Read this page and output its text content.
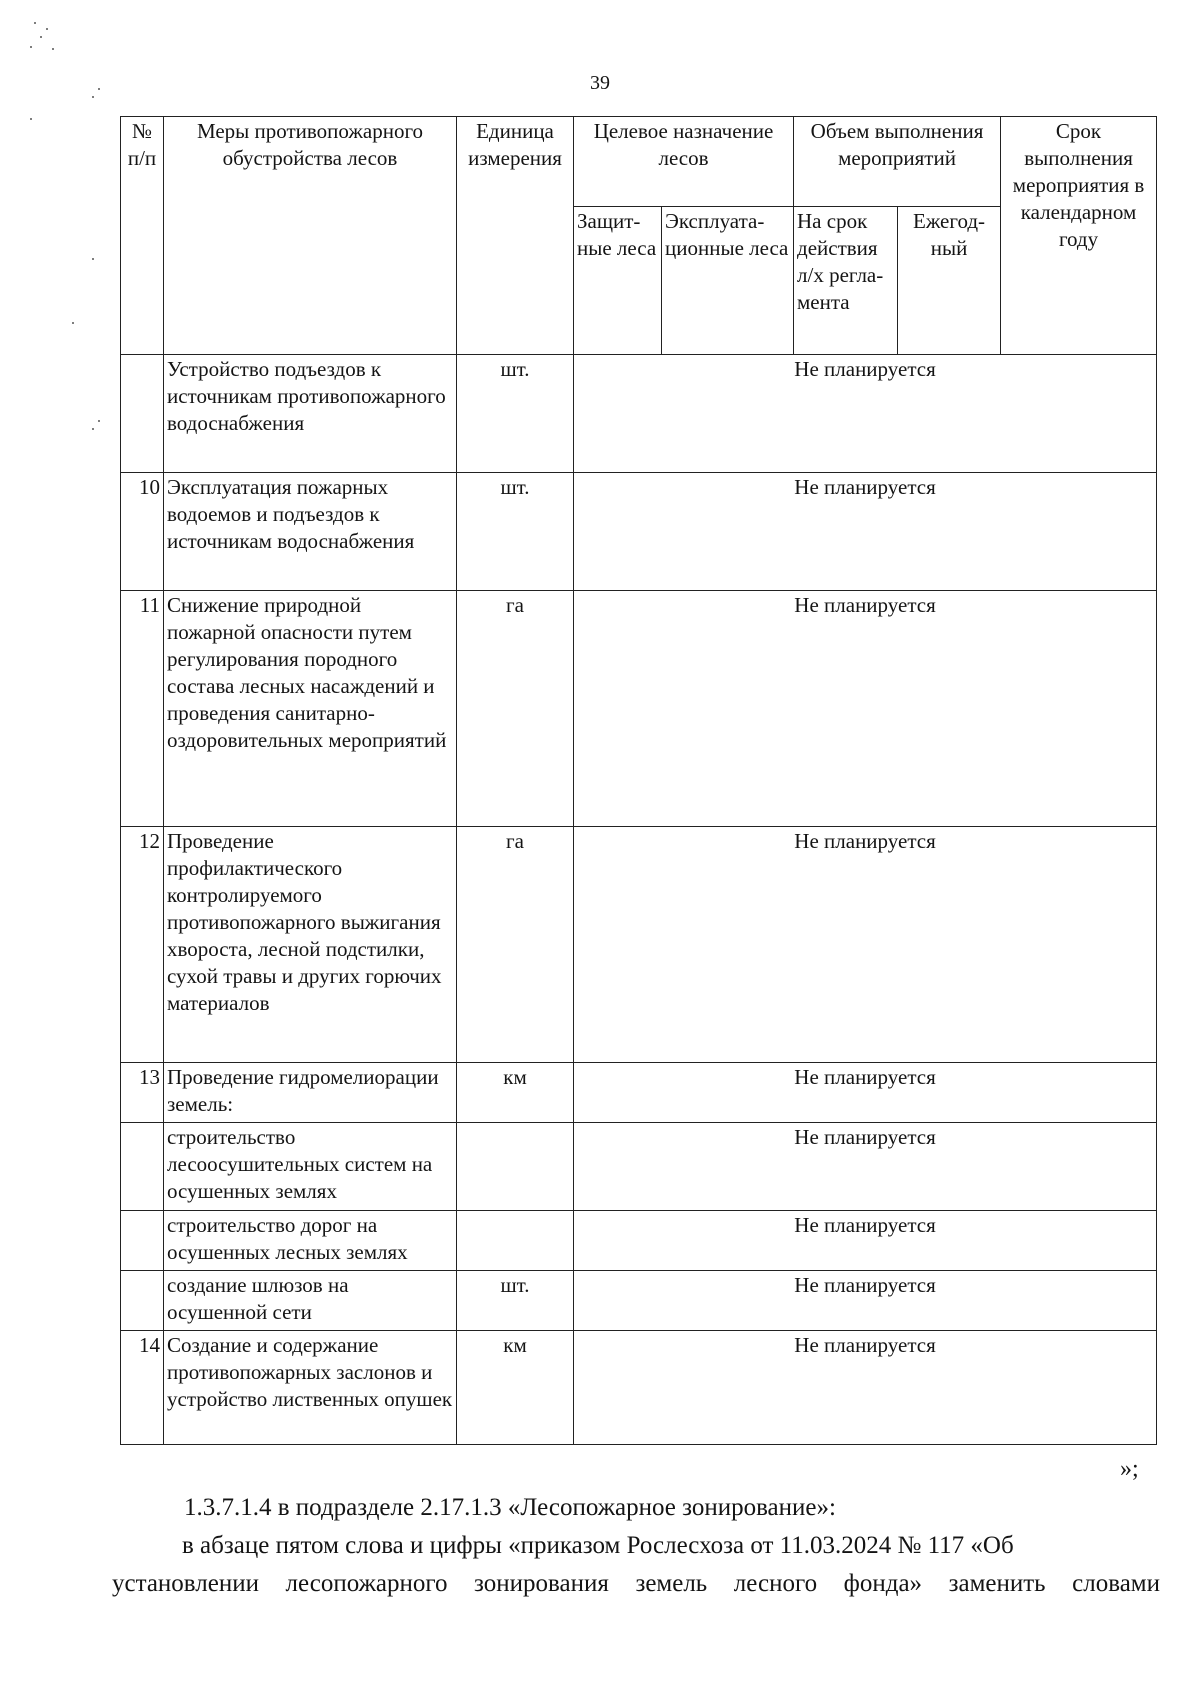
39
№ п/п	Меры противопожарного обустройства лесов	Единица измерения	Целевое назначение лесов		Объем выполнения мероприятий		Срок выполнения мероприятия в календарном году
			Защит-ные леса	Эксплуата-ционные леса	На срок действия л/х регла-мента	Ежегод-ный	
	Устройство подъездов к источникам противопожарного водоснабжения	шт.	Не планируется				
10	Эксплуатация пожарных водоемов и подъездов к источникам водоснабжения	шт.	Не планируется				
11	Снижение природной пожарной опасности путем регулирования породного состава лесных насаждений и проведения санитарно-оздоровительных мероприятий	га	Не планируется				
12	Проведение профилактического контролируемого противопожарного выжигания хвороста, лесной подстилки, сухой травы и других горючих материалов	га	Не планируется				
13	Проведение гидромелиорации земель:	км	Не планируется				
	строительство лесоосушительных систем на осушенных землях		Не планируется				
	строительство дорог на осушенных лесных землях		Не планируется				
	создание шлюзов на осушенной сети	шт.	Не планируется				
14	Создание и содержание противопожарных заслонов и устройство лиственных опушек	км	Не планируется				
»;
1.3.7.1.4 в подразделе 2.17.1.3 «Лесопожарное зонирование»:
в абзаце пятом слова и цифры «приказом Рослесхоза от 11.03.2024 № 117 «Об
установлении лесопожарного зонирования земель лесного фонда» заменить словами
